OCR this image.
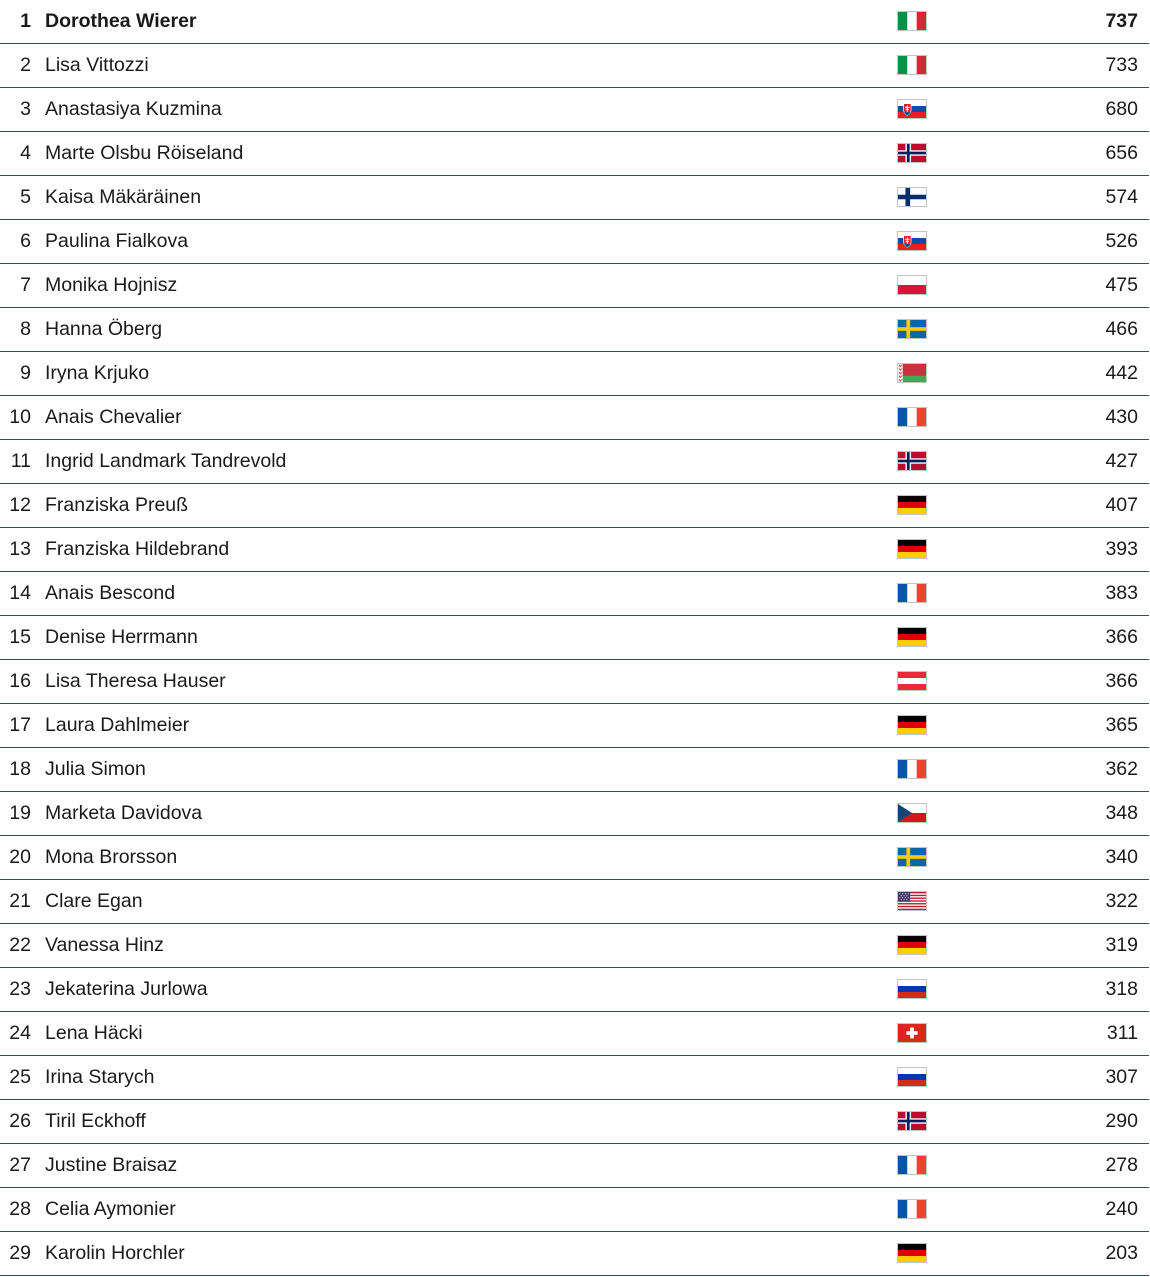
1 Dorothea Wierer	737
2 Lisa Vittozzi	733
3 Anastasiya Kuzmina	680
4 Marte Olsbu Röiseland	656
5 Kaisa Mäkäräinen	574
6 Paulina Fialkova	526
7 Monika Hojnisz	475
8 Hanna Öberg	466
9 Iryna Krjuko	442
10 Anais Chevalier	430
11 Ingrid Landmark Tandrevold	427
12 Franziska Preuß	407
13 Franziska Hildebrand	393
14 Anais Bescond	383
15 Denise Herrmann	366
16 Lisa Theresa Hauser	366
17 Laura Dahlmeier	365
18 Julia Simon	362
19 Marketa Davidova	348
20 Mona Brorsson	340
21 Clare Egan	322
22 Vanessa Hinz	319
23 Jekaterina Jurlowa	318
24 Lena Häcki	311
25 Irina Starych	307
26 Tiril Eckhoff	290
27 Justine Braisaz	278
28 Celia Aymonier	240
29 Karolin Horchler	203
